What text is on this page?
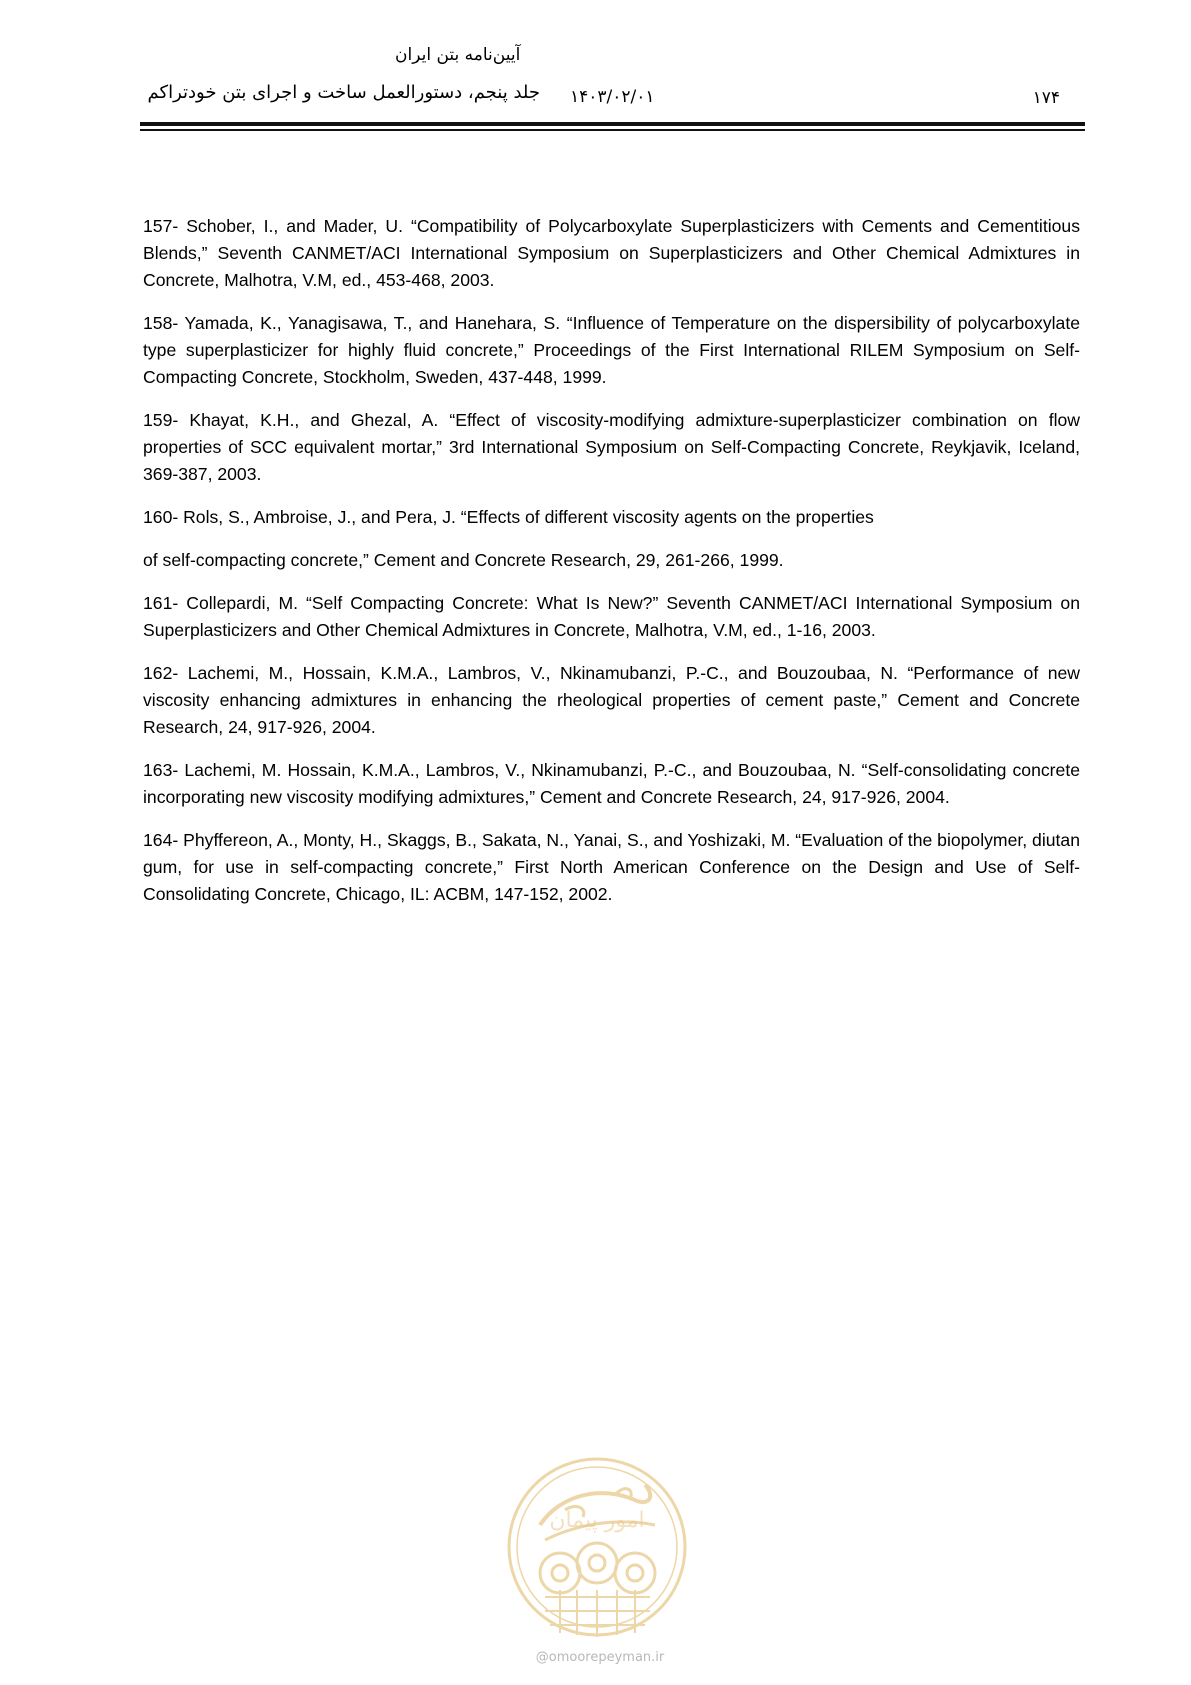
آیین‌نامه بتن ایران
جلد پنجم، دستورالعمل ساخت و اجرای بتن خودتراکم ۱۴۰۳/۰۲/۰۱	۱۷۴

157- Schober, I., and Mader, U. “Compatibility of Polycarboxylate Superplasticizers with Cements and Cementitious Blends,” Seventh CANMET/ACI International Symposium on Superplasticizers and Other Chemical Admixtures in Concrete, Malhotra, V.M, ed., 453-468, 2003.

158- Yamada, K., Yanagisawa, T., and Hanehara, S. “Influence of Temperature on the dispersibility of polycarboxylate type superplasticizer for highly fluid concrete,” Proceedings of the First International RILEM Symposium on Self-Compacting Concrete, Stockholm, Sweden, 437-448, 1999.

159- Khayat, K.H., and Ghezal, A. “Effect of viscosity-modifying admixture-superplasticizer combination on flow properties of SCC equivalent mortar,” 3rd International Symposium on Self-Compacting Concrete, Reykjavik, Iceland, 369-387, 2003.

160- Rols, S., Ambroise, J., and Pera, J. “Effects of different viscosity agents on the properties

of self-compacting concrete,” Cement and Concrete Research, 29, 261-266, 1999.

161- Collepardi, M. “Self Compacting Concrete: What Is New?” Seventh CANMET/ACI International Symposium on Superplasticizers and Other Chemical Admixtures in Concrete, Malhotra, V.M, ed., 1-16, 2003.

162- Lachemi, M., Hossain, K.M.A., Lambros, V., Nkinamubanzi, P.-C., and Bouzoubaa, N. “Performance of new viscosity enhancing admixtures in enhancing the rheological properties of cement paste,” Cement and Concrete Research, 24, 917-926, 2004.

163- Lachemi, M. Hossain, K.M.A., Lambros, V., Nkinamubanzi, P.-C., and Bouzoubaa, N. “Self-consolidating concrete incorporating new viscosity modifying admixtures,” Cement and Concrete Research, 24, 917-926, 2004.

164- Phyffereon, A., Monty, H., Skaggs, B., Sakata, N., Yanai, S., and Yoshizaki, M. “Evaluation of the biopolymer, diutan gum, for use in self-compacting concrete,” First North American Conference on the Design and Use of Self-Consolidating Concrete, Chicago, IL: ACBM, 147-152, 2002.

امور پیمان
@omoorepeyman.ir
